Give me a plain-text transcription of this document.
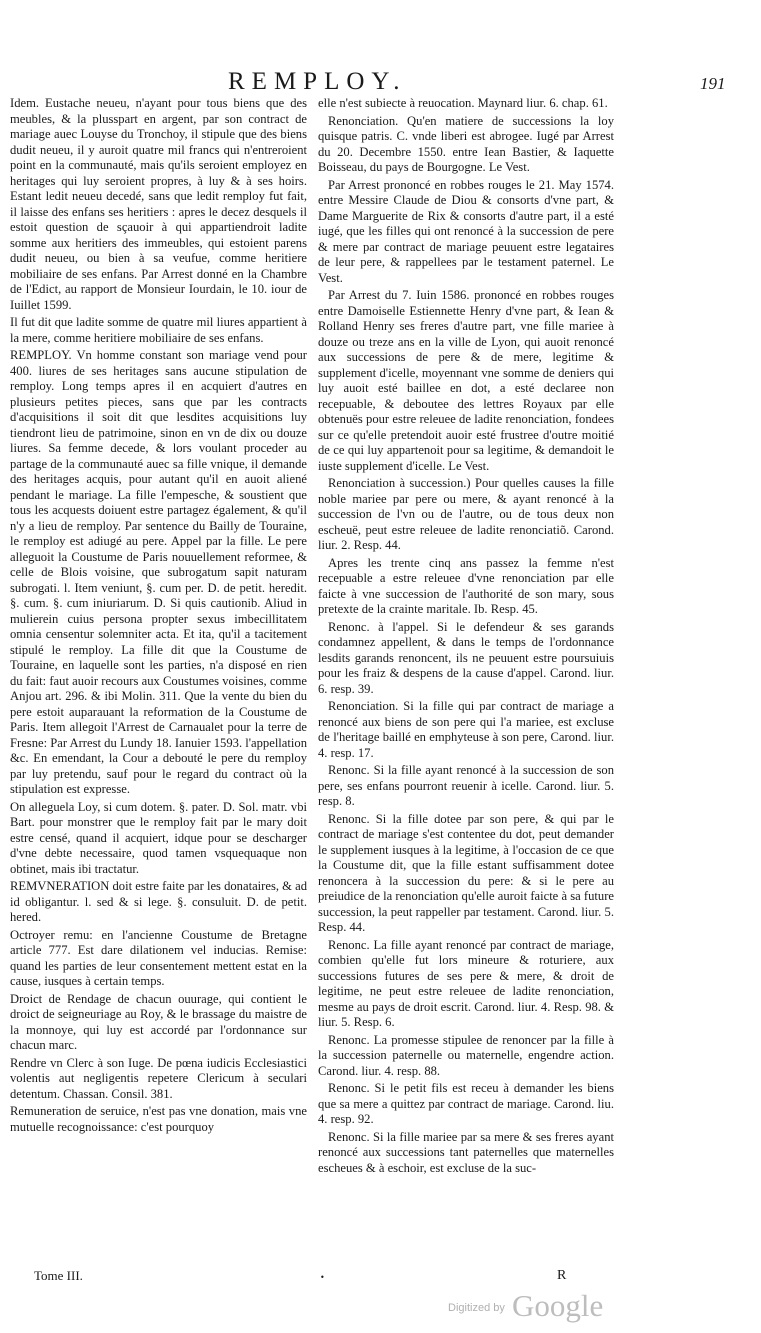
REMPLOY.	191

Idem. Eustache neueu, n'ayant pour tous biens que des meubles, & la plusspart en argent, par son contract de mariage auec Louyse du Tronchoy, il stipule que des biens dudit neueu, il y auroit quatre mil francs qui n'entreroient point en la communauté, mais qu'ils seroient employez en heritages qui luy seroient propres, à luy & à ses hoirs. Estant ledit neueu decedé, sans que ledit remploy fut fait, il laisse des enfans ses heritiers : apres le decez desquels il estoit question de sçauoir à qui appartiendroit ladite somme aux heritiers des immeubles, qui estoient parens dudit neueu, ou bien à sa veufue, comme heritiere mobiliaire de ses enfans. Par Arrest donné en la Chambre de l'Edict, au rapport de Monsieur Iourdain, le 10. iour de Iuillet 1599.

Il fut dit que ladite somme de quatre mil liures appartient à la mere, comme heritiere mobiliaire de ses enfans.

REMPLOY. Vn homme constant son mariage vend pour 400. liures de ses heritages sans aucune stipulation de remploy. Long temps apres il en acquiert d'autres en plusieurs petites pieces, sans que par les contracts d'acquisitions il soit dit que lesdites acquisitions luy tiendront lieu de patrimoine, sinon en vn de dix ou douze liures. Sa femme decede, & lors voulant proceder au partage de la communauté auec sa fille vnique, il demande des heritages acquis, pour autant qu'il en auoit aliené pendant le mariage. La fille l'empesche, & soustient que tous les acquests doiuent estre partagez également, & qu'il n'y a lieu de remploy. Par sentence du Bailly de Touraine, le remploy est adiugé au pere. Appel par la fille. Le pere alleguoit la Coustume de Paris nouuellement reformee, & celle de Blois voisine, que subrogatum sapit naturam subrogati. l. Item veniunt, §. cum per. D. de petit. heredit. §. cum. §. cum iniuriarum. D. Si quis cautionib. Aliud in mulierein cuius persona propter sexus imbecillitatem omnia censentur solemniter acta. Et ita, qu'il a tacitement stipulé le remploy. La fille dit que la Coustume de Touraine, en laquelle sont les parties, n'a disposé en rien du fait: faut auoir recours aux Coustumes voisines, comme Anjou art. 296. & ibi Molin. 311. Que la vente du bien du pere estoit auparauant la reformation de la Coustume de Paris. Item allegoit l'Arrest de Carnaualet pour la terre de Fresne: Par Arrest du Lundy 18. Ianuier 1593. l'appellation &c. En emendant, la Cour a debouté le pere du remploy par luy pretendu, sauf pour le regard du contract où la stipulation est expresse.

On alleguela Loy, si cum dotem. §. pater. D. Sol. matr. vbi Bart. pour monstrer que le remploy fait par le mary doit estre censé, quand il acquiert, idque pour se descharger d'vne debte necessaire, quod tamen vsquequaque non obtinet, mais ibi tractatur.

REMVNERATION doit estre faite par les donataires, & ad id obligantur. l. sed & si lege. §. consuluit. D. de petit. hered.

Octroyer remu: en l'ancienne Coustume de Bretagne article 777. Est dare dilationem vel inducias. Remise: quand les parties de leur consentement mettent estat en la cause, iusques à certain temps.

Droict de Rendage de chacun ouurage, qui contient le droict de seigneuriage au Roy, & le brassage du maistre de la monnoye, qui luy est accordé par l'ordonnance sur chacun marc.

Rendre vn Clerc à son Iuge. De pœna iudicis Ecclesiastici volentis aut negligentis repetere Clericum à seculari detentum. Chassan. Consil. 381.

Remuneration de seruice, n'est pas vne donation, mais vne mutuelle recognoissance: c'est pourquoy

elle n'est subiecte à reuocation. Maynard liur. 6. chap. 61.

Renonciation. Qu'en matiere de successions la loy quisque patris. C. vnde liberi est abrogee. Iugé par Arrest du 20. Decembre 1550. entre Iean Bastier, & Iaquette Boisseau, du pays de Bourgogne. Le Vest.

Par Arrest prononcé en robbes rouges le 21. May 1574. entre Messire Claude de Diou & consorts d'vne part, & Dame Marguerite de Rix & consorts d'autre part, il a esté iugé, que les filles qui ont renoncé à la succession de pere & mere par contract de mariage peuuent estre legataires de leur pere, & rappellees par le testament paternel. Le Vest.

Par Arrest du 7. Iuin 1586. prononcé en robbes rouges entre Damoiselle Estiennette Henry d'vne part, & Iean & Rolland Henry ses freres d'autre part, vne fille mariee à douze ou treze ans en la ville de Lyon, qui auoit renoncé aux successions de pere & de mere, legitime & supplement d'icelle, moyennant vne somme de deniers qui luy auoit esté baillee en dot, a esté declaree non recepuable, & deboutee des lettres Royaux par elle obtenuës pour estre releuee de ladite renonciation, fondees sur ce qu'elle pretendoit auoir esté frustree d'outre moitié de ce qui luy appartenoit pour sa legitime, & demandoit le iuste supplement d'icelle. Le Vest.

Renonciation à succession.) Pour quelles causes la fille noble mariee par pere ou mere, & ayant renoncé à la succession de l'vn ou de l'autre, ou de tous deux non escheuë, peut estre releuee de ladite renonciatiõ. Carond. liur. 2. Resp. 44.

Apres les trente cinq ans passez la femme n'est recepuable a estre releuee d'vne renonciation par elle faicte à vne succession de l'authorité de son mary, sous pretexte de la crainte maritale. Ib. Resp. 45.

Renonc. à l'appel. Si le defendeur & ses garands condamnez appellent, & dans le temps de l'ordonnance lesdits garands renoncent, ils ne peuuent estre poursuiuis pour les fraiz & despens de la cause d'appel. Carond. liur. 6. resp. 39.

Renonciation. Si la fille qui par contract de mariage a renoncé aux biens de son pere qui l'a mariee, est excluse de l'heritage baillé en emphyteuse à son pere, Carond. liur. 4. resp. 17.

Renonc. Si la fille ayant renoncé à la succession de son pere, ses enfans pourront reuenir à icelle. Carond. liur. 5. resp. 8.

Renonc. Si la fille dotee par son pere, & qui par le contract de mariage s'est contentee du dot, peut demander le supplement iusques à la legitime, à l'occasion de ce que la Coustume dit, que la fille estant suffisamment dotee renoncera à la succession du pere: & si le pere au preiudice de la renonciation qu'elle auroit faicte à sa future succession, la peut rappeller par testament. Carond. liur. 5. Resp. 44.

Renonc. La fille ayant renoncé par contract de mariage, combien qu'elle fut lors mineure & roturiere, aux successions futures de ses pere & mere, & droit de legitime, ne peut estre releuee de ladite renonciation, mesme au pays de droit escrit. Carond. liur. 4. Resp. 98. & liur. 5. Resp. 6.

Renonc. La promesse stipulee de renoncer par la fille à la succession paternelle ou maternelle, engendre action. Carond. liur. 4. resp. 88.

Renonc. Si le petit fils est receu à demander les biens que sa mere a quittez par contract de mariage. Carond. liu. 4. resp. 92.

Renonc. Si la fille mariee par sa mere & ses freres ayant renoncé aux successions tant paternelles que maternelles escheues & à eschoir, est excluse de la suc-

Tome III.	•	R
Digitized by Google
